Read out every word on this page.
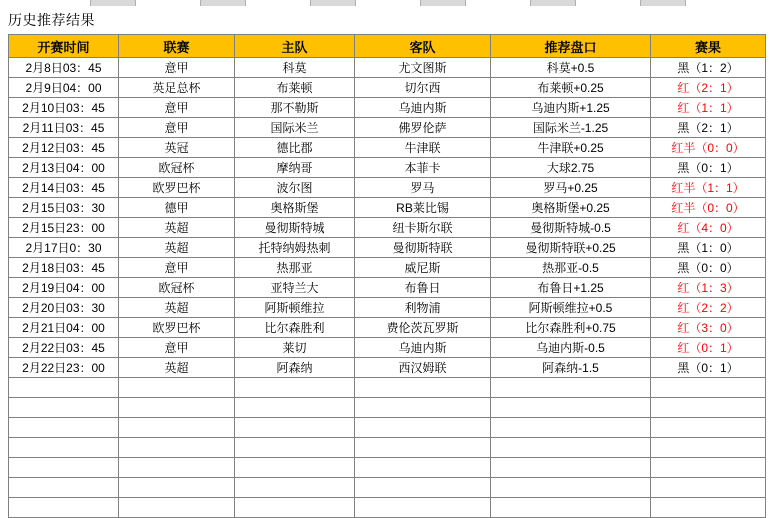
历史推荐结果
开赛时间	联赛	主队	客队	推荐盘口	赛果
2月8日03：45	意甲	科莫	尤文图斯	科莫+0.5	黑（1：2）
2月9日04：00	英足总杯	布莱顿	切尔西	布莱顿+0.25	红（2：1）
2月10日03：45	意甲	那不勒斯	乌迪内斯	乌迪内斯+1.25	红（1：1）
2月11日03：45	意甲	国际米兰	佛罗伦萨	国际米兰-1.25	黑（2：1）
2月12日03：45	英冠	德比郡	牛津联	牛津联+0.25	红半（0：0）
2月13日04：00	欧冠杯	摩纳哥	本菲卡	大球2.75	黑（0：1）
2月14日03：45	欧罗巴杯	波尔图	罗马	罗马+0.25	红半（1：1）
2月15日03：30	德甲	奥格斯堡	RB莱比锡	奥格斯堡+0.25	红半（0：0）
2月15日23：00	英超	曼彻斯特城	纽卡斯尔联	曼彻斯特城-0.5	红（4：0）
2月17日0：30	英超	托特纳姆热刺	曼彻斯特联	曼彻斯特联+0.25	黑（1：0）
2月18日03：45	意甲	热那亚	威尼斯	热那亚-0.5	黑（0：0）
2月19日04：00	欧冠杯	亚特兰大	布鲁日	布鲁日+1.25	红（1：3）
2月20日03：30	英超	阿斯顿维拉	利物浦	阿斯顿维拉+0.5	红（2：2）
2月21日04：00	欧罗巴杯	比尔森胜利	费伦茨瓦罗斯	比尔森胜利+0.75	红（3：0）
2月22日03：45	意甲	莱切	乌迪内斯	乌迪内斯-0.5	红（0：1）
2月22日23：00	英超	阿森纳	西汉姆联	阿森纳-1.5	黑（0：1）
